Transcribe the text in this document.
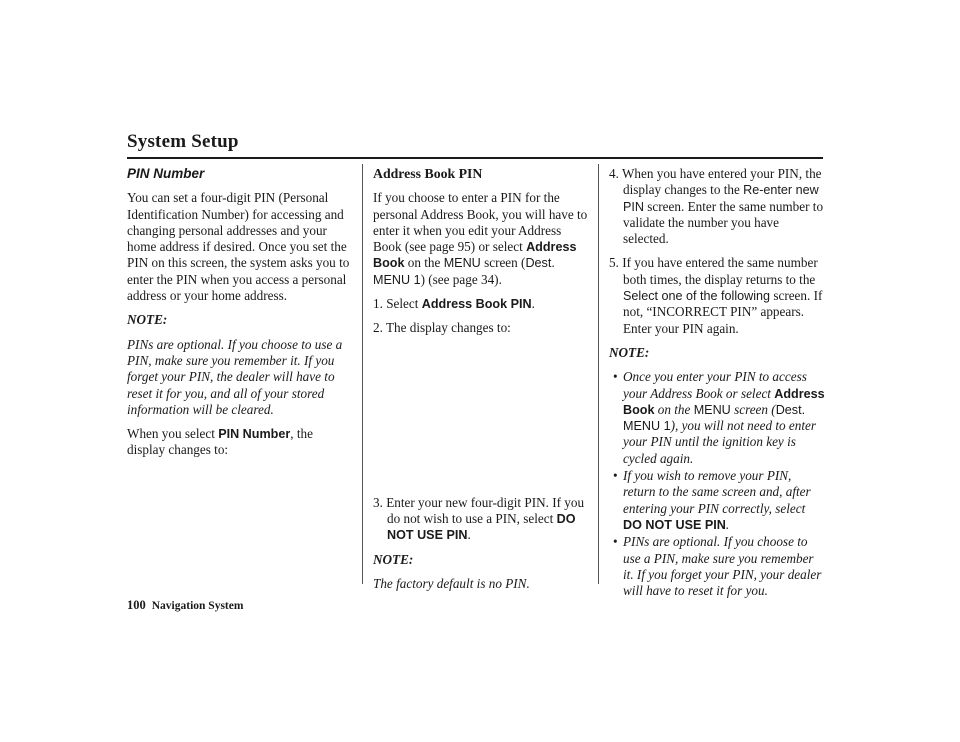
System Setup

PIN Number

You can set a four-digit PIN (Personal Identification Number) for accessing and changing personal addresses and your home address if desired. Once you set the PIN on this screen, the system asks you to enter the PIN when you access a personal address or your home address.

NOTE:

PINs are optional. If you choose to use a PIN, make sure you remember it. If you forget your PIN, the dealer will have to reset it for you, and all of your stored information will be cleared.

When you select PIN Number, the display changes to:

Address Book PIN

If you choose to enter a PIN for the personal Address Book, you will have to enter it when you edit your Address Book (see page 95) or select Address Book on the MENU screen (Dest. MENU 1) (see page 34).

1. Select Address Book PIN.

2. The display changes to:

3. Enter your new four-digit PIN. If you do not wish to use a PIN, select DO NOT USE PIN.

NOTE:

The factory default is no PIN.

4. When you have entered your PIN, the display changes to the Re-enter new PIN screen. Enter the same number to validate the number you have selected.

5. If you have entered the same number both times, the display returns to the Select one of the following screen. If not, “INCORRECT PIN” appears. Enter your PIN again.

NOTE:

• Once you enter your PIN to access your Address Book or select Address Book on the MENU screen (Dest. MENU 1), you will not need to enter your PIN until the ignition key is cycled again.
• If you wish to remove your PIN, return to the same screen and, after entering your PIN correctly, select DO NOT USE PIN.
• PINs are optional. If you choose to use a PIN, make sure you remember it. If you forget your PIN, your dealer will have to reset it for you.
100 Navigation System
